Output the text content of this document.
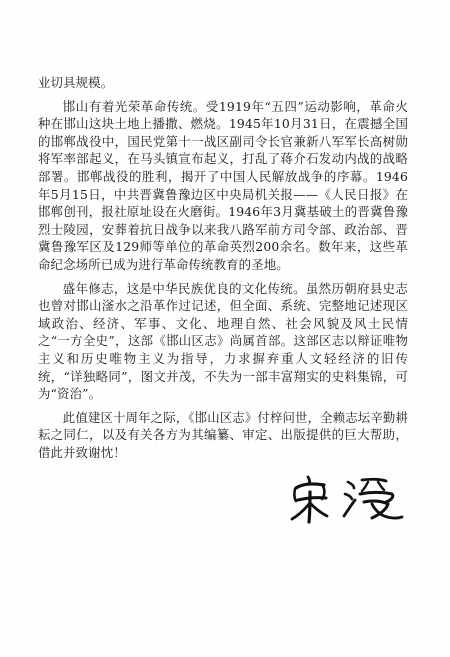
业切具规模。

邯山有着光荣革命传统。受1919年“五四”运动影响，革命火种在邯山这块土地上播撒、燃烧。1945年10月31日，在震撼全国的邯郸战役中，国民党第十一战区副司令长官兼新八军军长高树勋将军率部起义，在马头镇宣布起义，打乱了蒋介石发动内战的战略部署。邯郸战役的胜利，揭开了中国人民解放战争的序幕。1946年5月15日，中共晋冀鲁豫边区中央局机关报——《人民日报》在邯郸创刊，报社原址设在火磨街。1946年3月冀基破土的晋冀鲁豫烈士陵园，安葬着抗日战争以来我八路军前方司令部、政治部、晋冀鲁豫军区及129师等单位的革命英烈200余名。数年来，这些革命纪念场所已成为进行革命传统教育的圣地。

盛年修志，这是中华民族优良的文化传统。虽然历朝府县史志也曾对邯山滏水之沿革作过记述，但全面、系统、完整地记述现区域政治、经济、军事、文化、地理自然、社会风貌及风土民情之“一方全史”，这部《邯山区志》尚属首部。这部区志以辩证唯物主义和历史唯物主义为指导，力求摒弃重人文轻经济的旧传统，“详独略同”，图文并茂，不失为一部丰富翔实的史料集锦，可为“资治”。

此值建区十周年之际，《邯山区志》付梓问世，全赖志坛辛勤耕耘之同仁，以及有关各方为其编纂、审定、出版提供的巨大帮助，借此并致谢忱！
